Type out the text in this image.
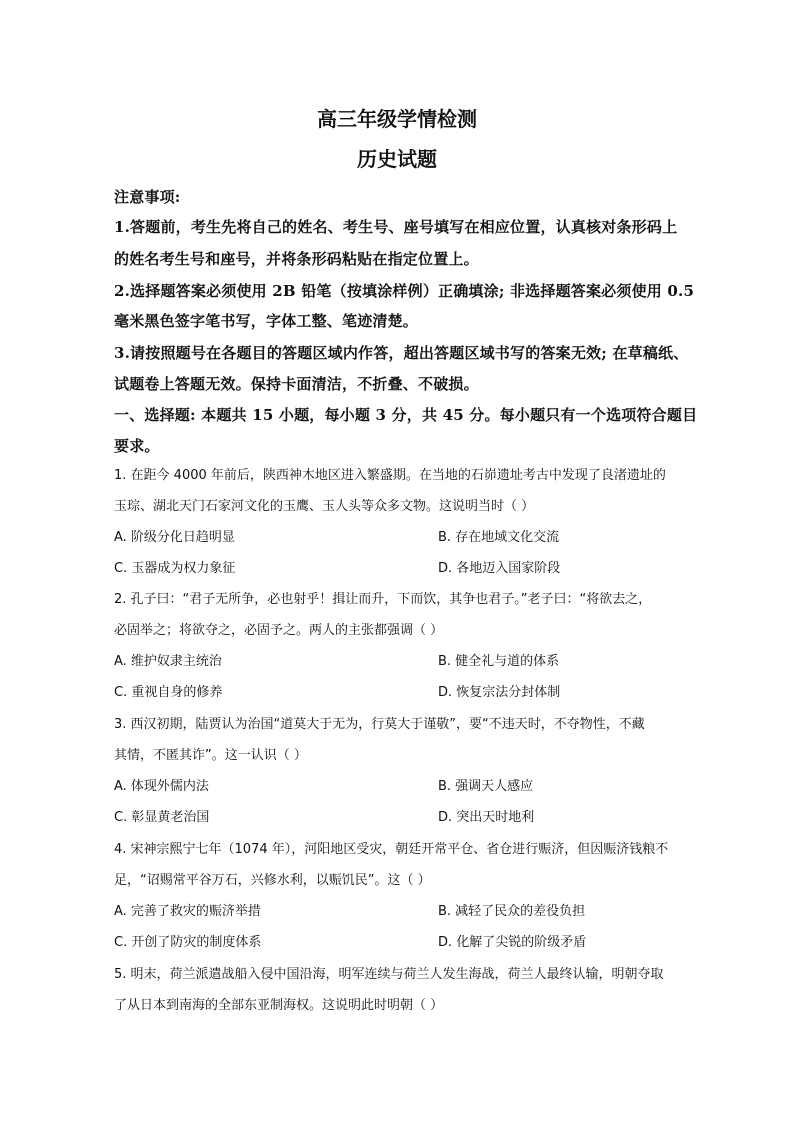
高三年级学情检测
历史试题
注意事项:
1.答题前，考生先将自己的姓名、考生号、座号填写在相应位置，认真核对条形码上
的姓名考生号和座号，并将条形码粘贴在指定位置上。
2.选择题答案必须使用 2B 铅笔（按填涂样例）正确填涂; 非选择题答案必须使用 0.5
毫米黑色签字笔书写，字体工整、笔迹清楚。
3.请按照题号在各题目的答题区域内作答，超出答题区域书写的答案无效; 在草稿纸、
试题卷上答题无效。保持卡面清洁，不折叠、不破损。
一、选择题: 本题共 15 小题，每小题 3 分，共 45 分。每小题只有一个选项符合题目
要求。
1. 在距今 4000 年前后，陕西神木地区进入繁盛期。在当地的石峁遗址考古中发现了良渚遗址的
玉琮、湖北天门石家河文化的玉鹰、玉人头等众多文物。这说明当时（ ）
A. 阶级分化日趋明显	B. 存在地域文化交流
C. 玉器成为权力象征	D. 各地迈入国家阶段
2. 孔子曰：“君子无所争，必也射乎！揖让而升，下而饮，其争也君子。”老子曰：“将欲去之，
必固举之；将欲夺之，必固予之。两人的主张都强调（ ）
A. 维护奴隶主统治	B. 健全礼与道的体系
C. 重视自身的修养	D. 恢复宗法分封体制
3. 西汉初期，陆贾认为治国“道莫大于无为，行莫大于谨敬”，要“不违天时，不夺物性，不藏
其情，不匿其诈”。这一认识（ ）
A. 体现外儒内法	B. 强调天人感应
C. 彰显黄老治国	D. 突出天时地利
4. 宋神宗熙宁七年（1074 年），河阳地区受灾，朝廷开常平仓、省仓进行赈济，但因赈济钱粮不
足，“诏赐常平谷万石，兴修水利，以赈饥民”。这（ ）
A. 完善了救灾的赈济举措	B. 减轻了民众的差役负担
C. 开创了防灾的制度体系	D. 化解了尖锐的阶级矛盾
5. 明末，荷兰派遣战船入侵中国沿海，明军连续与荷兰人发生海战，荷兰人最终认输，明朝夺取
了从日本到南海的全部东亚制海权。这说明此时明朝（ ）
